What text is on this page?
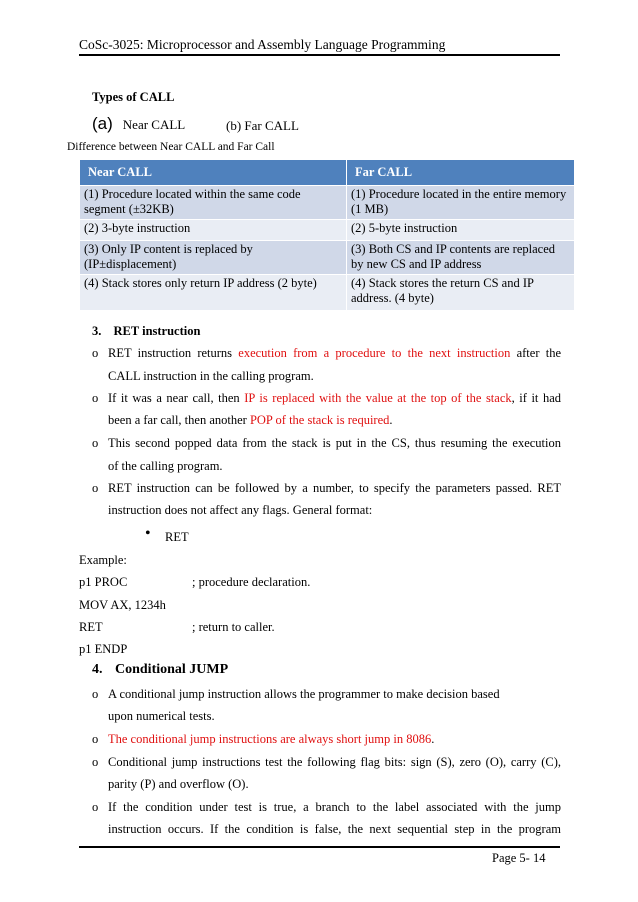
CoSc-3025: Microprocessor and Assembly Language Programming
Types of CALL
(a) Near CALL	(b) Far CALL
Difference between Near CALL and Far Call
Near CALL	Far CALL
(1) Procedure located within the same code segment (±32KB)	(1) Procedure located in the entire memory (1 MB)
(2) 3-byte instruction	(2) 5-byte instruction
(3) Only IP content is replaced by (IP±displacement)	(3) Both CS and IP contents are replaced by new CS and IP address
(4) Stack stores only return IP address (2 byte)	(4) Stack stores the return CS and IP address. (4 byte)
3. RET instruction
o RET instruction returns execution from a procedure to the next instruction after the
CALL instruction in the calling program.
o If it was a near call, then IP is replaced with the value at the top of the stack, if it had
been a far call, then another POP of the stack is required.
o This second popped data from the stack is put in the CS, thus resuming the execution
of the calling program.
o RET instruction can be followed by a number, to specify the parameters passed. RET
instruction does not affect any flags. General format:
• RET
Example:
p1 PROC	; procedure declaration.
MOV AX, 1234h
RET	; return to caller.
p1 ENDP
4. Conditional JUMP
o A conditional jump instruction allows the programmer to make decision based
upon numerical tests.
o The conditional jump instructions are always short jump in 8086.
o Conditional jump instructions test the following flag bits: sign (S), zero (O), carry (C),
parity (P) and overflow (O).
o If the condition under test is true, a branch to the label associated with the jump
instruction occurs. If the condition is false, the next sequential step in the program
Page 5- 14
